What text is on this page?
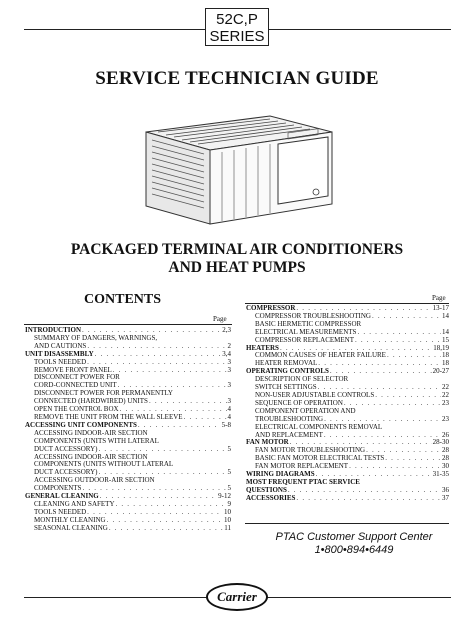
52C,P
SERIES
SERVICE TECHNICIAN GUIDE
PACKAGED TERMINAL AIR CONDITIONERS
AND HEAT PUMPS
CONTENTS
Page
Page
INTRODUCTION . . .	2,3
SUMMARY OF DANGERS, WARNINGS,
AND CAUTIONS . . .	2
UNIT DISASSEMBLY . . .	3,4
TOOLS NEEDED . . .	3
REMOVE FRONT PANEL . . .	3
DISCONNECT POWER FOR
CORD-CONNECTED UNIT . . .	3
DISCONNECT POWER FOR PERMANENTLY
CONNECTED (HARDWIRED) UNITS . . .	3
OPEN THE CONTROL BOX . . .	4
REMOVE THE UNIT FROM THE WALL SLEEVE . . .	4
ACCESSING UNIT COMPONENTS . . .	5-8
ACCESSING INDOOR-AIR SECTION
COMPONENTS (UNITS WITH LATERAL
DUCT ACCESSORY) . . .	5
ACCESSING INDOOR-AIR SECTION
COMPONENTS (UNITS WITHOUT LATERAL
DUCT ACCESSORY) . . .	5
ACCESSING OUTDOOR-AIR SECTION
COMPONENTS . . .	5
GENERAL CLEANING . . .	9-12
CLEANING AND SAFETY . . .	9
TOOLS NEEDED . . .	10
MONTHLY CLEANING . . .	10
SEASONAL CLEANING . . .	11
COMPRESSOR . . .	13-17
COMPRESSOR TROUBLESHOOTING . . .	14
BASIC HERMETIC COMPRESSOR
ELECTRICAL MEASUREMENTS . . .	14
COMPRESSOR REPLACEMENT . . .	15
HEATERS . . .	18,19
COMMON CAUSES OF HEATER FAILURE . . .	18
HEATER REMOVAL . . .	18
OPERATING CONTROLS . . .	20-27
DESCRIPTION OF SELECTOR
SWITCH SETTINGS . . .	22
NON-USER ADJUSTABLE CONTROLS . . .	22
SEQUENCE OF OPERATION . . .	23
COMPONENT OPERATION AND
TROUBLESHOOTING . . .	23
ELECTRICAL COMPONENTS REMOVAL
AND REPLACEMENT . . .	26
FAN MOTOR . . .	28-30
FAN MOTOR TROUBLESHOOTING . . .	28
BASIC FAN MOTOR ELECTRICAL TESTS . . .	28
FAN MOTOR REPLACEMENT . . .	30
WIRING DIAGRAMS . . .	31-35
MOST FREQUENT PTAC SERVICE
QUESTIONS . . .	36
ACCESSORIES . . .	37
PTAC Customer Support Center
1•800•894•6449
Carrier
